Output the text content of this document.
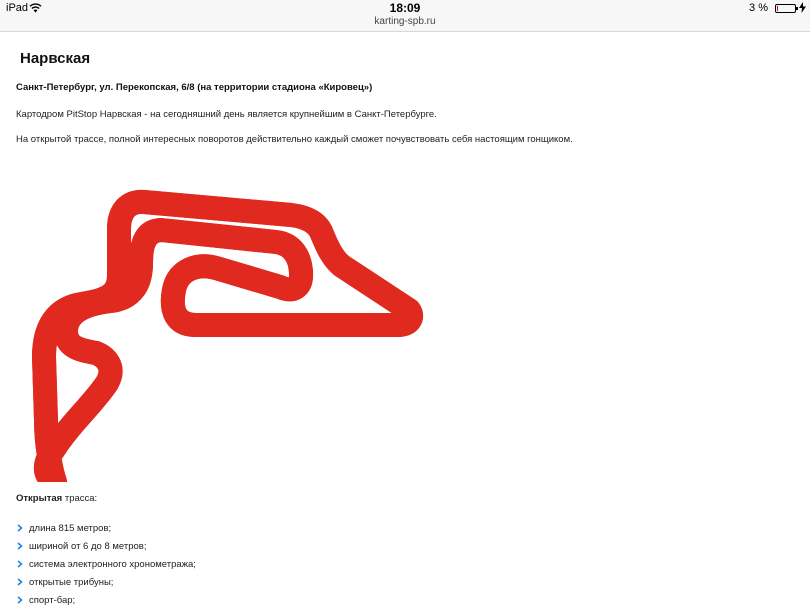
iPad	18:09
karting-spb.ru
3 %
Нарвская

Санкт-Петербург, ул. Перекопская, 6/8 (на территории стадиона «Кировец»)

Картодром PitStop Нарвская - на сегодняшний день является крупнейшим в Санкт-Петербурге.

На открытой трассе, полной интересных поворотов действительно каждый сможет почувствовать себя настоящим гонщиком.

Открытая трасса:

длина 815 метров;
шириной от 6 до 8 метров;
система электронного хронометража;
открытые трибуны;
спорт-бар;
